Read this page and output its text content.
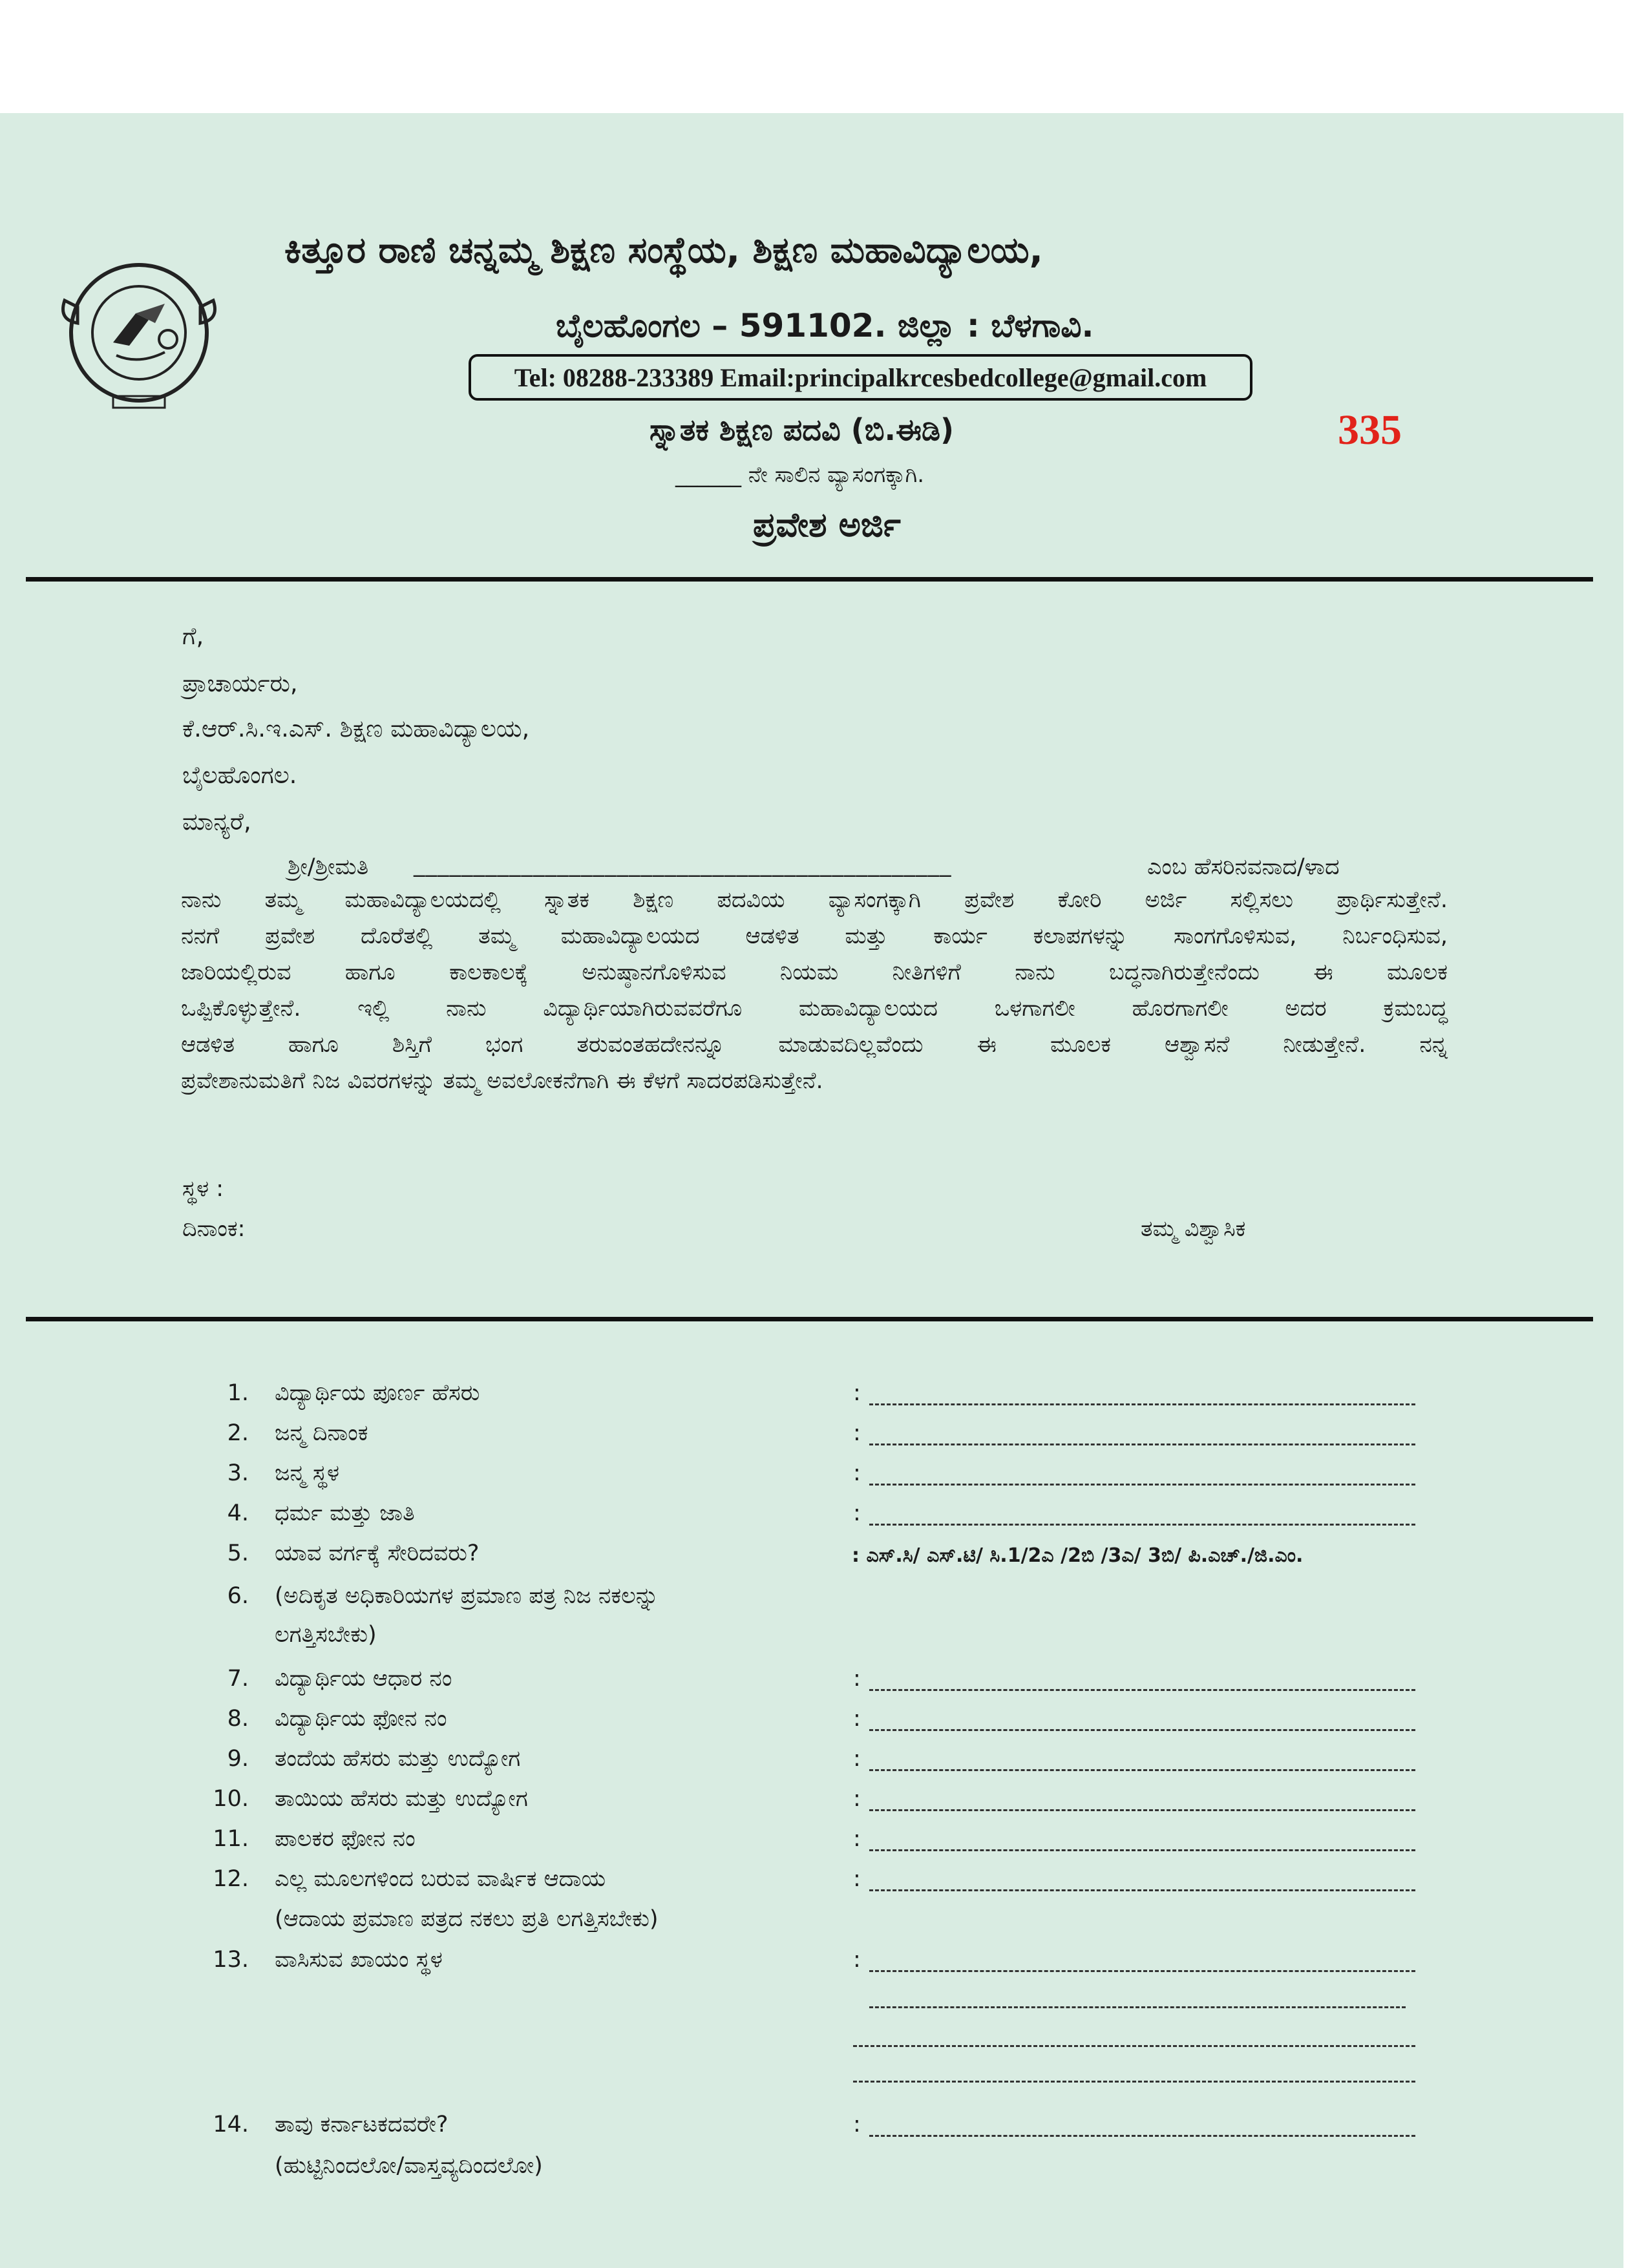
ಕಿತ್ತೂರ ರಾಣಿ ಚನ್ನಮ್ಮ ಶಿಕ್ಷಣ ಸಂಸ್ಥೆಯ, ಶಿಕ್ಷಣ ಮಹಾವಿದ್ಯಾಲಯ,
ಬೈಲಹೊಂಗಲ – 591102. ಜಿಲ್ಲಾ : ಬೆಳಗಾವಿ.
Tel: 08288-233389 Email:principalkrcesbedcollege@gmail.com
ಸ್ನಾತಕ ಶಿಕ್ಷಣ ಪದವಿ (ಬಿ.ಈಡಿ)
______ ನೇ ಸಾಲಿನ ವ್ಯಾಸಂಗಕ್ಕಾಗಿ.
ಪ್ರವೇಶ ಅರ್ಜಿ
335
ಗೆ,
ಪ್ರಾಚಾರ್ಯರು,
ಕೆ.ಆರ್.ಸಿ.ಇ.ಎಸ್. ಶಿಕ್ಷಣ ಮಹಾವಿದ್ಯಾಲಯ,
ಬೈಲಹೊಂಗಲ.
ಮಾನ್ಯರೆ,
ಶ್ರೀ/ಶ್ರೀಮತಿ _____________________________________________	ಎಂಬ ಹೆಸರಿನವನಾದ/ಳಾದ
ನಾನು ತಮ್ಮ ಮಹಾವಿದ್ಯಾಲಯದಲ್ಲಿ ಸ್ನಾತಕ ಶಿಕ್ಷಣ ಪದವಿಯ ವ್ಯಾಸಂಗಕ್ಕಾಗಿ ಪ್ರವೇಶ ಕೋರಿ ಅರ್ಜಿ ಸಲ್ಲಿಸಲು ಪ್ರಾರ್ಥಿಸುತ್ತೇನೆ.
ನನಗೆ ಪ್ರವೇಶ ದೊರೆತಲ್ಲಿ ತಮ್ಮ ಮಹಾವಿದ್ಯಾಲಯದ ಆಡಳಿತ ಮತ್ತು ಕಾರ್ಯ ಕಲಾಪಗಳನ್ನು ಸಾಂಗಗೊಳಿಸುವ, ನಿರ್ಬಂಧಿಸುವ,
ಜಾರಿಯಲ್ಲಿರುವ ಹಾಗೂ ಕಾಲಕಾಲಕ್ಕೆ ಅನುಷ್ಠಾನಗೊಳಿಸುವ ನಿಯಮ ನೀತಿಗಳಿಗೆ ನಾನು ಬದ್ಧನಾಗಿರುತ್ತೇನೆಂದು ಈ ಮೂಲಕ
ಒಪ್ಪಿಕೊಳ್ಳುತ್ತೇನೆ. ಇಲ್ಲಿ ನಾನು ವಿದ್ಯಾರ್ಥಿಯಾಗಿರುವವರೆಗೂ ಮಹಾವಿದ್ಯಾಲಯದ ಒಳಗಾಗಲೀ ಹೊರಗಾಗಲೀ ಅದರ ಕ್ರಮಬದ್ಧ
ಆಡಳಿತ ಹಾಗೂ ಶಿಸ್ತಿಗೆ ಭಂಗ ತರುವಂತಹದೇನನ್ನೂ ಮಾಡುವದಿಲ್ಲವೆಂದು ಈ ಮೂಲಕ ಆಶ್ವಾಸನೆ ನೀಡುತ್ತೇನೆ. ನನ್ನ
ಪ್ರವೇಶಾನುಮತಿಗೆ ನಿಜ ವಿವರಗಳನ್ನು ತಮ್ಮ ಅವಲೋಕನೆಗಾಗಿ ಈ ಕೆಳಗೆ ಸಾದರಪಡಿಸುತ್ತೇನೆ.
ಸ್ಥಳ :
ದಿನಾಂಕ:	ತಮ್ಮ ವಿಶ್ವಾಸಿಕ
1. ವಿದ್ಯಾರ್ಥಿಯ ಪೂರ್ಣ ಹೆಸರು
2. ಜನ್ಮ ದಿನಾಂಕ
3. ಜನ್ಮ ಸ್ಥಳ
4. ಧರ್ಮ ಮತ್ತು ಜಾತಿ
5. ಯಾವ ವರ್ಗಕ್ಕೆ ಸೇರಿದವರು?
6. (ಅದಿಕೃತ ಅಧಿಕಾರಿಯಗಳ ಪ್ರಮಾಣ ಪತ್ರ ನಿಜ ನಕಲನ್ನು
ಲಗತ್ತಿಸಬೇಕು)
7. ವಿದ್ಯಾರ್ಥಿಯ ಆಧಾರ ನಂ
8. ವಿದ್ಯಾರ್ಥಿಯ ಫೋನ ನಂ
9. ತಂದೆಯ ಹೆಸರು ಮತ್ತು ಉದ್ಯೋಗ
10. ತಾಯಿಯ ಹೆಸರು ಮತ್ತು ಉದ್ಯೋಗ
11. ಪಾಲಕರ ಫೋನ ನಂ
12. ಎಲ್ಲ ಮೂಲಗಳಿಂದ ಬರುವ ವಾರ್ಷಿಕ ಆದಾಯ
(ಆದಾಯ ಪ್ರಮಾಣ ಪತ್ರದ ನಕಲು ಪ್ರತಿ ಲಗತ್ತಿಸಬೇಕು)
13. ವಾಸಿಸುವ ಖಾಯಂ ಸ್ಥಳ
14. ತಾವು ಕರ್ನಾಟಕದವರೇ?
(ಹುಟ್ಟಿನಿಂದಲೋ/ವಾಸ್ತವ್ಯದಿಂದಲೋ)
: ಎಸ್.ಸಿ/ ಎಸ್.ಟಿ/ ಸಿ.1/2ಎ /2ಬಿ /3ಎ/ 3ಬಿ/ ಪಿ.ಎಚ್./ಜಿ.ಎಂ.
:
:
:
:
:
:
:
:
:
:
:
:
